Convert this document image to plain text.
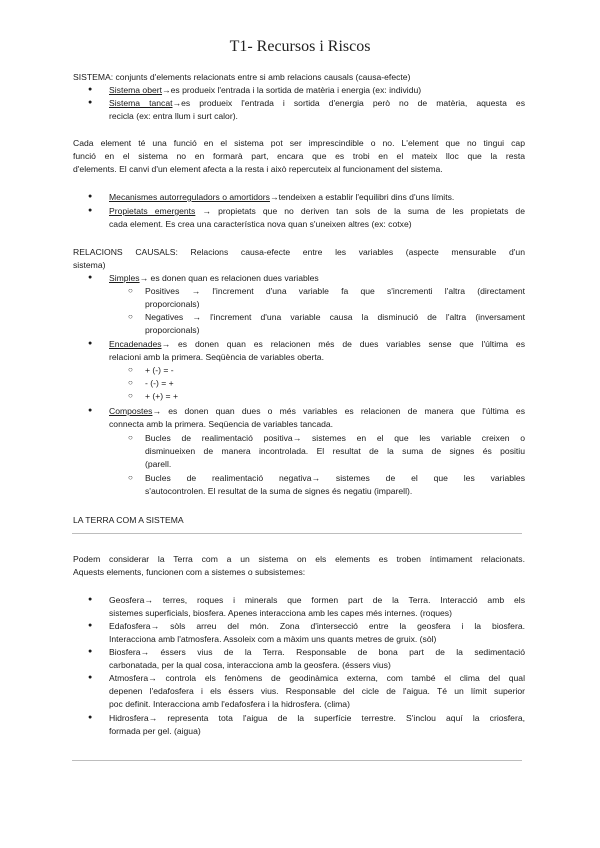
T1- Recursos i Riscos
SISTEMA: conjunts d'elements relacionats entre si amb relacions causals (causa-efecte)
● Sistema obert→es produeix l'entrada i la sortida de matèria i energia (ex: individu)
● Sistema tancat→es produeix l'entrada i sortida d'energia però no de matèria, aquesta es
recicla (ex: entra llum i surt calor).
Cada element té una funció en el sistema pot ser imprescindible o no. L'element que no tingui cap
funció en el sistema no en formarà part, encara que es trobi en el mateix lloc que la resta
d'elements. El canvi d'un element afecta a la resta i això repercuteix al funcionament del sistema.
● Mecanismes autorreguladors o amortidors→tendeixen a establir l'equilibri dins d'uns límits.
● Propietats emergents → propietats que no deriven tan sols de la suma de les propietats de
cada element. Es crea una característica nova quan s'uneixen altres (ex: cotxe)
RELACIONS CAUSALS: Relacions causa-efecte entre les variables (aspecte mensurable d'un
sistema)
● Simples→ es donen quan es relacionen dues variables
○ Positives → l'increment d'una variable fa que s'incrementi l'altra (directament
proporcionals)
○ Negatives → l'increment d'una variable causa la disminució de l'altra (inversament
proporcionals)
● Encadenades→ es donen quan es relacionen més de dues variables sense que l'última es
relacioni amb la primera. Seqüència de variables oberta.
○ + (-) = -
○ - (-) = +
○ + (+) = +
● Compostes→ es donen quan dues o més variables es relacionen de manera que l'última es
connecta amb la primera. Seqüencia de variables tancada.
○ Bucles de realimentació positiva→ sistemes en el que les variable creixen o
disminueixen de manera incontrolada. El resultat de la suma de signes és positiu
(parell.
○ Bucles de realimentació negativa→ sistemes de el que les variables
s'autocontrolen. El resultat de la suma de signes és negatiu (imparell).
LA TERRA COM A SISTEMA
Podem considerar la Terra com a un sistema on els elements es troben íntimament relacionats.
Aquests elements, funcionen com a sistemes o subsistemes:
● Geosfera→ terres, roques i minerals que formen part de la Terra. Interacció amb els
sistemes superficials, biosfera. Apenes interacciona amb les capes més internes. (roques)
● Edafosfera→ sòls arreu del món. Zona d'intersecció entre la geosfera i la biosfera.
Interacciona amb l'atmosfera. Assoleix com a màxim uns quants metres de gruix. (sòl)
● Biosfera→ éssers vius de la Terra. Responsable de bona part de la sedimentació
carbonatada, per la qual cosa, interacciona amb la geosfera. (éssers vius)
● Atmosfera→ controla els fenòmens de geodinàmica externa, com també el clima del qual
depenen l'edafosfera i els éssers vius. Responsable del cicle de l'aigua. Té un límit superior
poc definit. Interacciona amb l'edafosfera i la hidrosfera. (clima)
● Hidrosfera→ representa tota l'aigua de la superfície terrestre. S'inclou aquí la criosfera,
formada per gel. (aigua)
